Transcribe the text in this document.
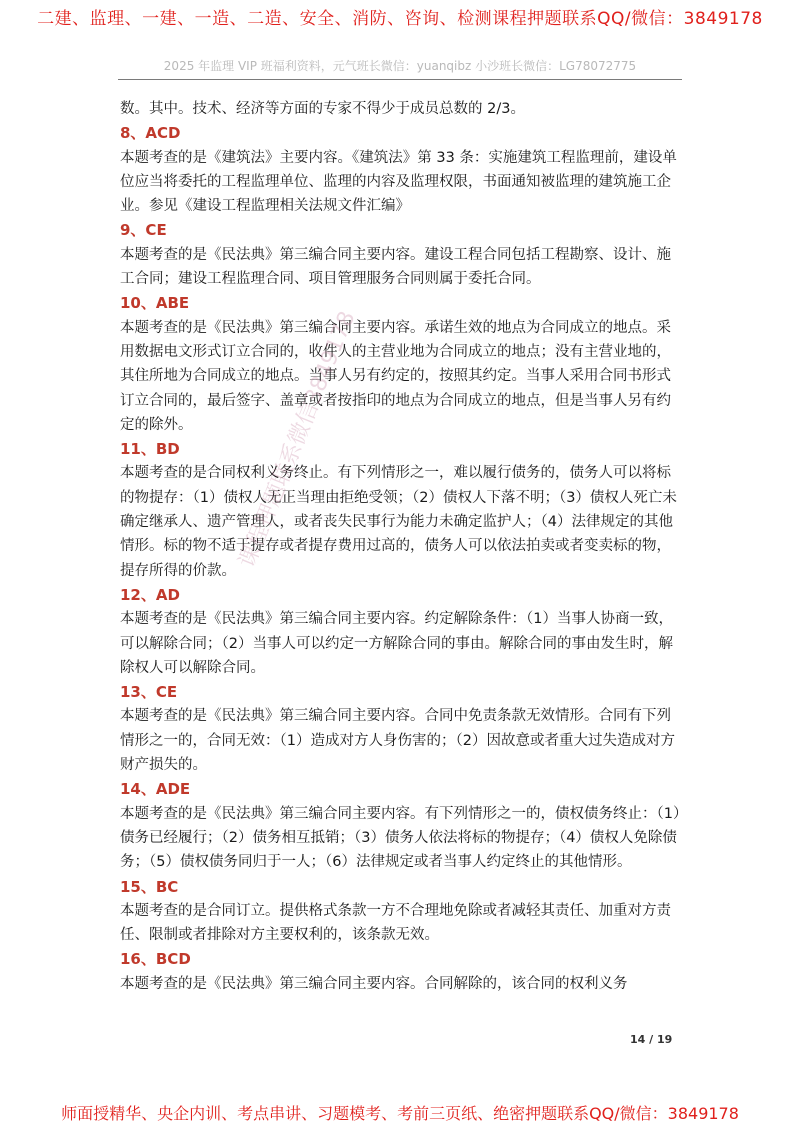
二建、监理、一建、一造、二造、安全、消防、咨询、检测课程押题联系QQ/微信：3849178
2025 年监理 VIP 班福利资料，元气班长微信：yuanqibz 小沙班长微信：LG78072775

数。其中。技术、经济等方面的专家不得少于成员总数的 2/3。

8、ACD

本题考查的是《建筑法》主要内容。《建筑法》第 33 条：实施建筑工程监理前，建设单位应当将委托的工程监理单位、监理的内容及监理权限，书面通知被监理的建筑施工企业。参见《建设工程监理相关法规文件汇编》

9、CE

本题考查的是《民法典》第三编合同主要内容。建设工程合同包括工程勘察、设计、施工合同；建设工程监理合同、项目管理服务合同则属于委托合同。

10、ABE

本题考查的是《民法典》第三编合同主要内容。承诺生效的地点为合同成立的地点。采用数据电文形式订立合同的，收件人的主营业地为合同成立的地点；没有主营业地的，其住所地为合同成立的地点。当事人另有约定的，按照其约定。当事人采用合同书形式订立合同的，最后签字、盖章或者按指印的地点为合同成立的地点，但是当事人另有约定的除外。

11、BD

本题考查的是合同权利义务终止。有下列情形之一，难以履行债务的，债务人可以将标的物提存：（1）债权人无正当理由拒绝受领；（2）债权人下落不明；（3）债权人死亡未确定继承人、遗产管理人，或者丧失民事行为能力未确定监护人；（4）法律规定的其他情形。标的物不适于提存或者提存费用过高的，债务人可以依法拍卖或者变卖标的物，提存所得的价款。

12、AD

本题考查的是《民法典》第三编合同主要内容。约定解除条件：（1）当事人协商一致，可以解除合同；（2）当事人可以约定一方解除合同的事由。解除合同的事由发生时，解除权人可以解除合同。

13、CE

本题考查的是《民法典》第三编合同主要内容。合同中免责条款无效情形。合同有下列情形之一的，合同无效：（1）造成对方人身伤害的；（2）因故意或者重大过失造成对方财产损失的。

14、ADE

本题考查的是《民法典》第三编合同主要内容。有下列情形之一的，债权债务终止：（1）债务已经履行；（2）债务相互抵销；（3）债务人依法将标的物提存；（4）债权人免除债务；（5）债权债务同归于一人；（6）法律规定或者当事人约定终止的其他情形。

15、BC

本题考查的是合同订立。提供格式条款一方不合理地免除或者减轻其责任、加重对方责任、限制或者排除对方主要权利的，该条款无效。

16、BCD

本题考查的是《民法典》第三编合同主要内容。合同解除的，该合同的权利义务

课程押题联系微信3849178
14 / 19
师面授精华、央企内训、考点串讲、习题模考、考前三页纸、绝密押题联系QQ/微信：3849178
